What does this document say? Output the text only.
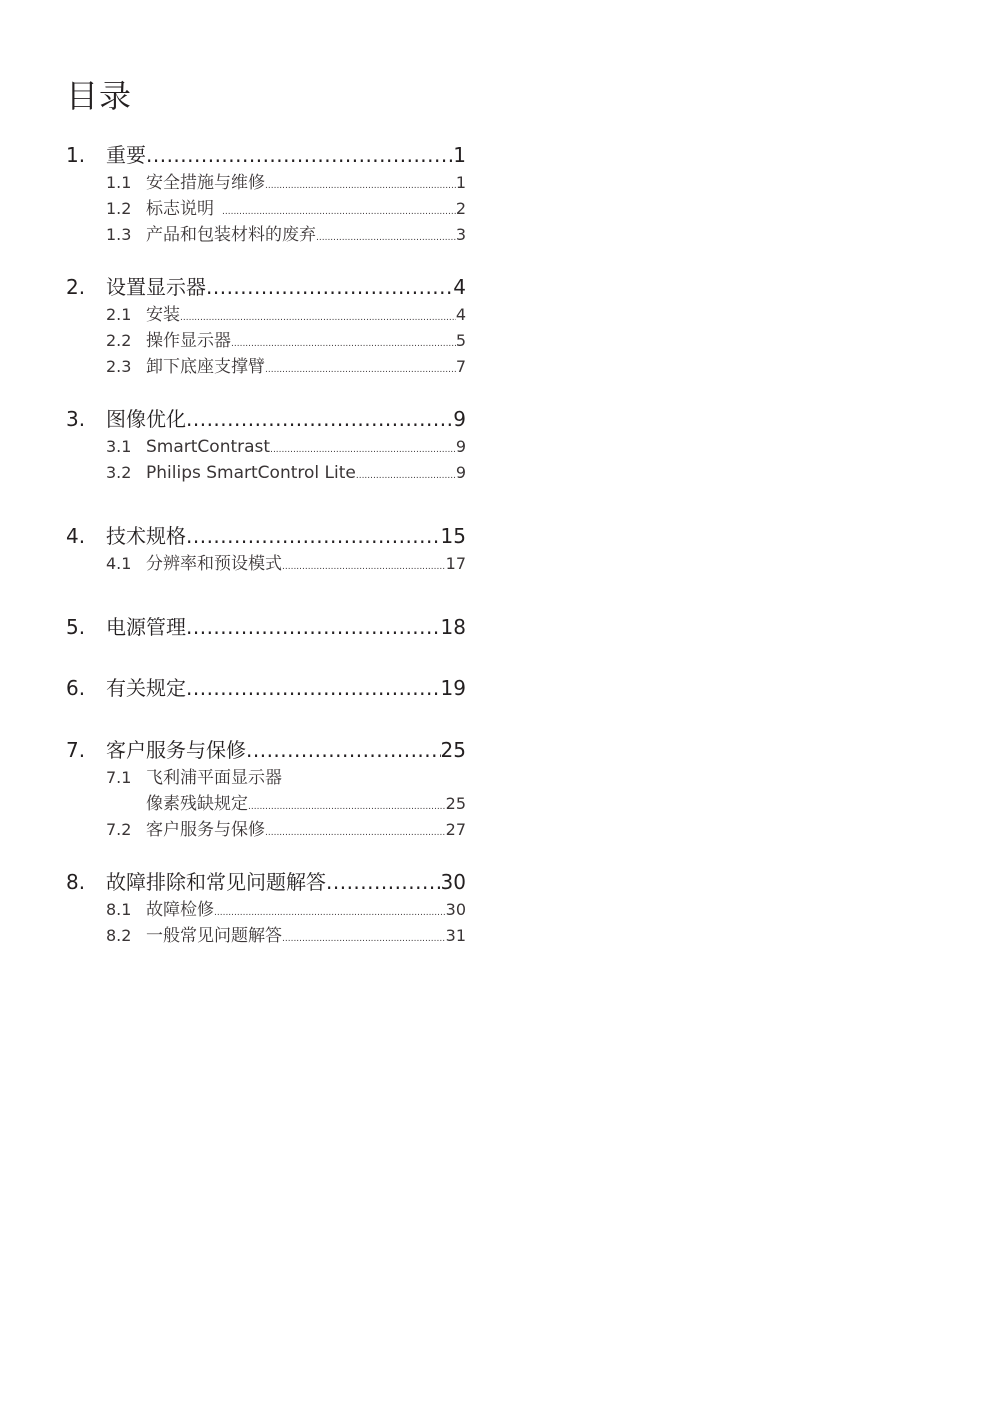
目录
1.	重要 .....	1
1.1 安全措施与维修 .....	1
1.2 标志说明 .....	2
1.3 产品和包装材料的废弃 .....	3
2.	设置显示器 .....	4
2.1 安装 .....	4
2.2 操作显示器 .....	5
2.3 卸下底座支撑臂 .....	7
3.	图像优化 .....	9
3.1 SmartContrast .....	9
3.2 Philips SmartControl Lite .....	9
4.	技术规格 .....	15
4.1 分辨率和预设模式 .....	17
5.	电源管理 .....	18
6.	有关规定 .....	19
7.	客户服务与保修 .....	25
7.1 飞利浦平面显示器
像素残缺规定 .....	25
7.2 客户服务与保修 .....	27
8.	故障排除和常见问题解答 .....	30
8.1 故障检修 .....	30
8.2 一般常见问题解答 .....	31
